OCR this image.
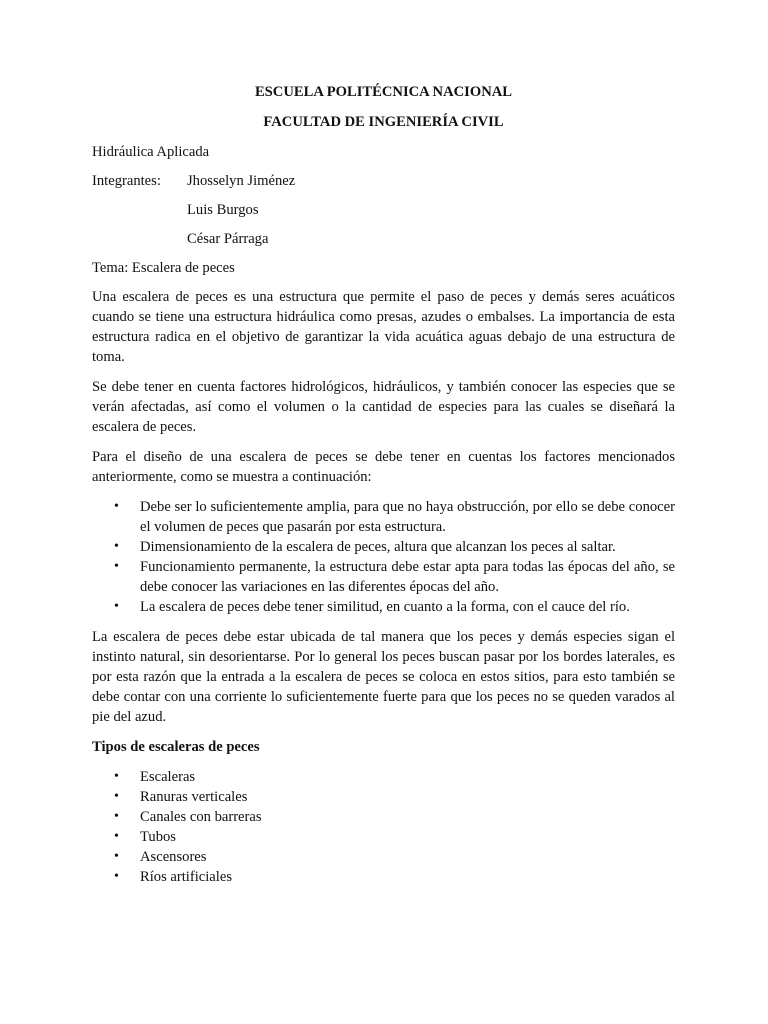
ESCUELA POLITÉCNICA NACIONAL
FACULTAD DE INGENIERÍA CIVIL
Hidráulica Aplicada
Integrantes:	Jhosselyn Jiménez
Luis Burgos
César Párraga
Tema: Escalera de peces

Una escalera de peces es una estructura que permite el paso de peces y demás seres acuáticos cuando se tiene una estructura hidráulica como presas, azudes o embalses. La importancia de esta estructura radica en el objetivo de garantizar la vida acuática aguas debajo de una estructura de toma.

Se debe tener en cuenta factores hidrológicos, hidráulicos, y también conocer las especies que se verán afectadas, así como el volumen o la cantidad de especies para las cuales se diseñará la escalera de peces.

Para el diseño de una escalera de peces se debe tener en cuentas los factores mencionados anteriormente, como se muestra a continuación:

• Debe ser lo suficientemente amplia, para que no haya obstrucción, por ello se debe conocer el volumen de peces que pasarán por esta estructura.
• Dimensionamiento de la escalera de peces, altura que alcanzan los peces al saltar.
• Funcionamiento permanente, la estructura debe estar apta para todas las épocas del año, se debe conocer las variaciones en las diferentes épocas del año.
• La escalera de peces debe tener similitud, en cuanto a la forma, con el cauce del río.

La escalera de peces debe estar ubicada de tal manera que los peces y demás especies sigan el instinto natural, sin desorientarse. Por lo general los peces buscan pasar por los bordes laterales, es por esta razón que la entrada a la escalera de peces se coloca en estos sitios, para esto también se debe contar con una corriente lo suficientemente fuerte para que los peces no se queden varados al pie del azud.

Tipos de escaleras de peces
• Escaleras
• Ranuras verticales
• Canales con barreras
• Tubos
• Ascensores
• Ríos artificiales
